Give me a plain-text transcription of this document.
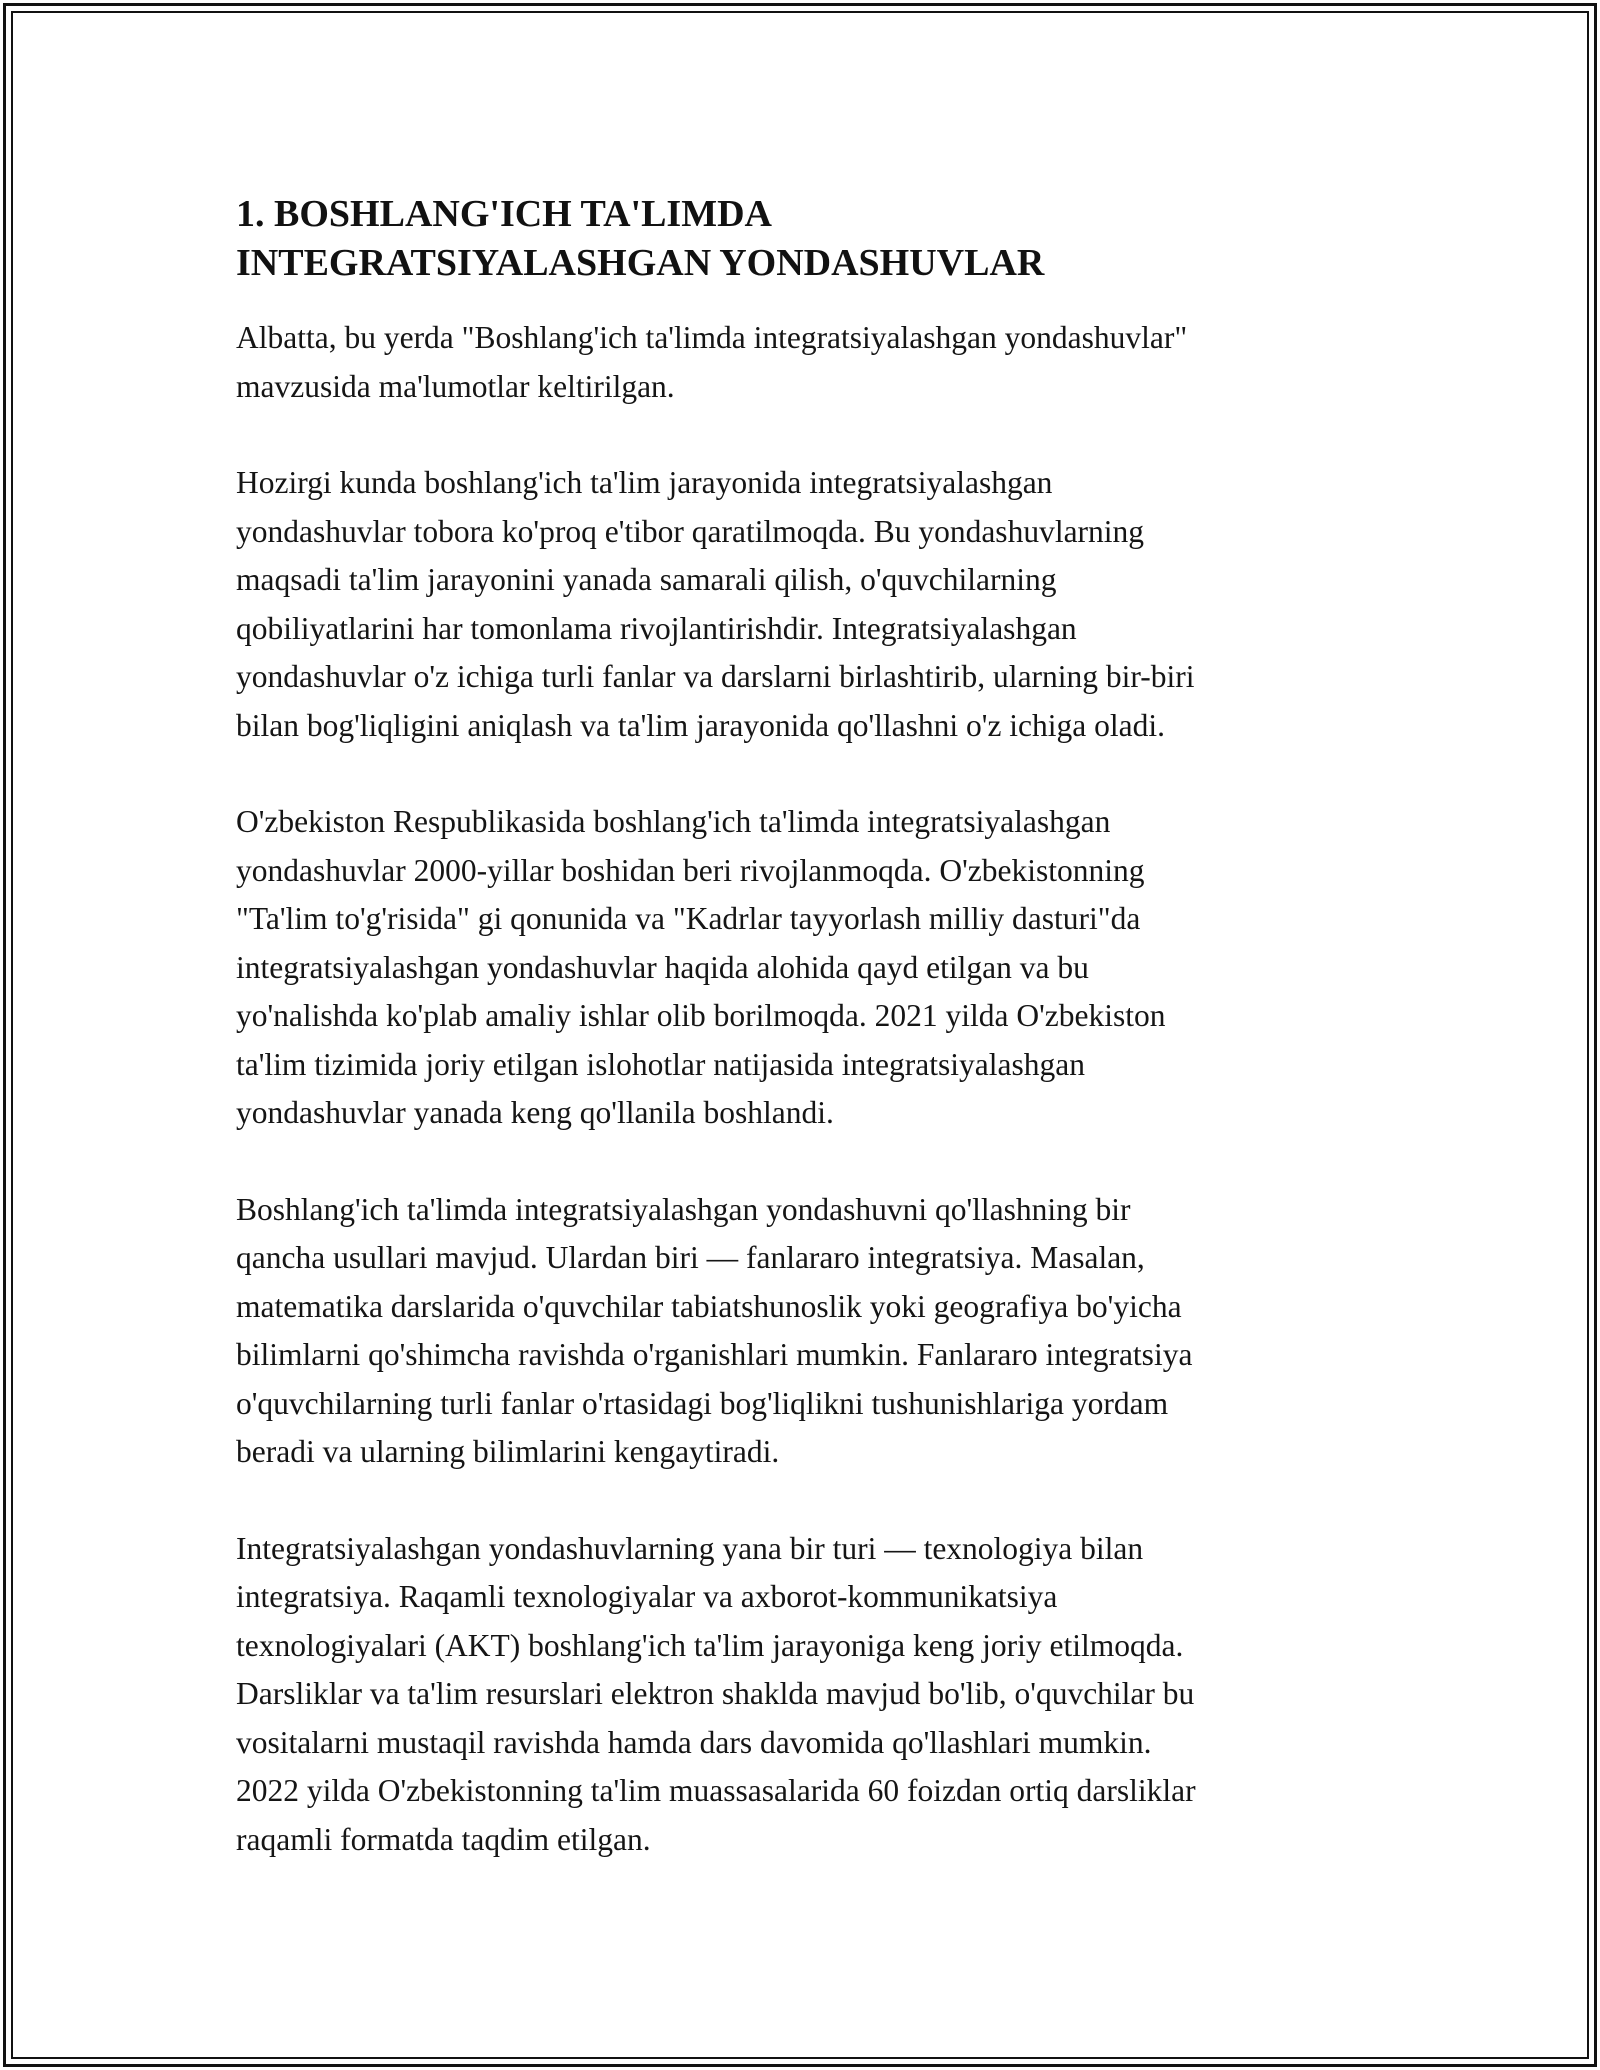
1. BOSHLANG'ICH TA'LIMDA
INTEGRATSIYALASHGAN YONDASHUVLAR
Albatta, bu yerda "Boshlang'ich ta'limda integratsiyalashgan yondashuvlar"
mavzusida ma'lumotlar keltirilgan.
Hozirgi kunda boshlang'ich ta'lim jarayonida integratsiyalashgan
yondashuvlar tobora ko'proq e'tibor qaratilmoqda. Bu yondashuvlarning
maqsadi ta'lim jarayonini yanada samarali qilish, o'quvchilarning
qobiliyatlarini har tomonlama rivojlantirishdir. Integratsiyalashgan
yondashuvlar o'z ichiga turli fanlar va darslarni birlashtirib, ularning bir-biri
bilan bog'liqligini aniqlash va ta'lim jarayonida qo'llashni o'z ichiga oladi.
O'zbekiston Respublikasida boshlang'ich ta'limda integratsiyalashgan
yondashuvlar 2000-yillar boshidan beri rivojlanmoqda. O'zbekistonning
"Ta'lim to'g'risida" gi qonunida va "Kadrlar tayyorlash milliy dasturi"da
integratsiyalashgan yondashuvlar haqida alohida qayd etilgan va bu
yo'nalishda ko'plab amaliy ishlar olib borilmoqda. 2021 yilda O'zbekiston
ta'lim tizimida joriy etilgan islohotlar natijasida integratsiyalashgan
yondashuvlar yanada keng qo'llanila boshlandi.
Boshlang'ich ta'limda integratsiyalashgan yondashuvni qo'llashning bir
qancha usullari mavjud. Ulardan biri — fanlararo integratsiya. Masalan,
matematika darslarida o'quvchilar tabiatshunoslik yoki geografiya bo'yicha
bilimlarni qo'shimcha ravishda o'rganishlari mumkin. Fanlararo integratsiya
o'quvchilarning turli fanlar o'rtasidagi bog'liqlikni tushunishlariga yordam
beradi va ularning bilimlarini kengaytiradi.
Integratsiyalashgan yondashuvlarning yana bir turi — texnologiya bilan
integratsiya. Raqamli texnologiyalar va axborot-kommunikatsiya
texnologiyalari (AKT) boshlang'ich ta'lim jarayoniga keng joriy etilmoqda.
Darsliklar va ta'lim resurslari elektron shaklda mavjud bo'lib, o'quvchilar bu
vositalarni mustaqil ravishda hamda dars davomida qo'llashlari mumkin.
2022 yilda O'zbekistonning ta'lim muassasalarida 60 foizdan ortiq darsliklar
raqamli formatda taqdim etilgan.
